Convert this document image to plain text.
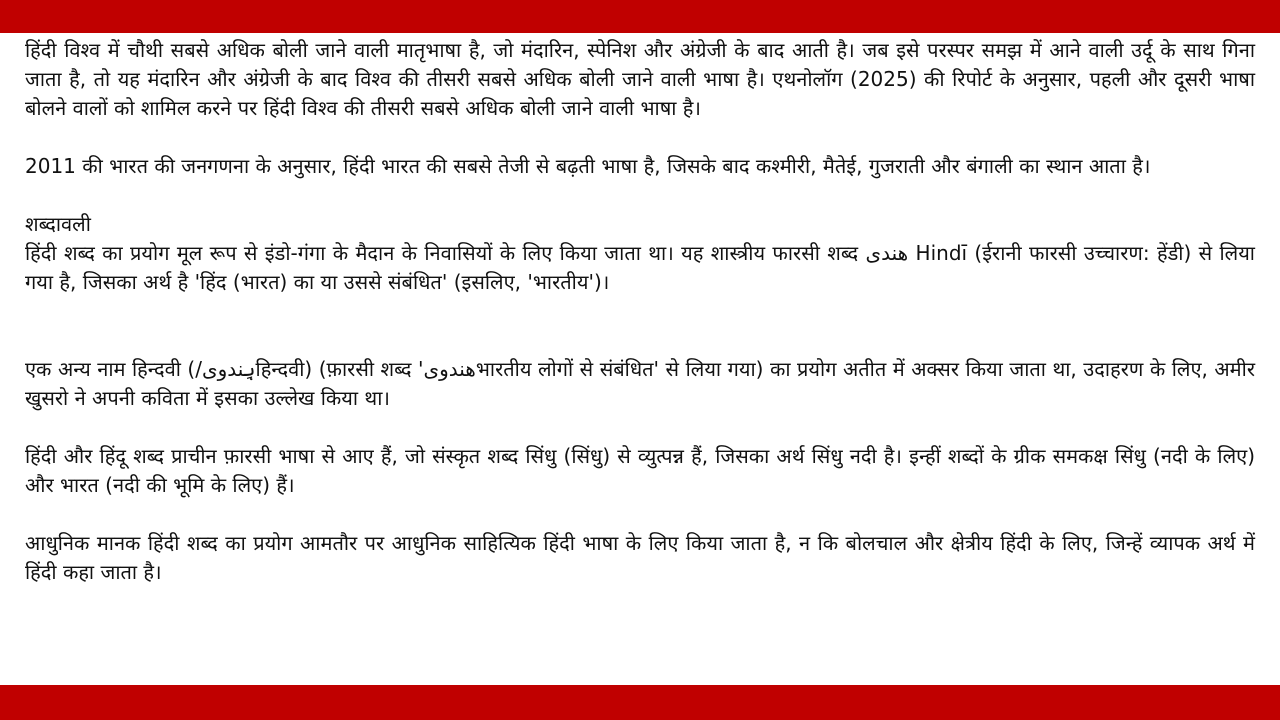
हिंदी विश्व में चौथी सबसे अधिक बोली जाने वाली मातृभाषा है, जो मंदारिन, स्पेनिश और अंग्रेजी के बाद आती है। जब इसे परस्पर समझ में आने वाली उर्दू के साथ गिना जाता है, तो यह मंदारिन और अंग्रेजी के बाद विश्व की तीसरी सबसे अधिक बोली जाने वाली भाषा है। एथनोलॉग (2025) की रिपोर्ट के अनुसार, पहली और दूसरी भाषा बोलने वालों को शामिल करने पर हिंदी विश्व की तीसरी सबसे अधिक बोली जाने वाली भाषा है।

2011 की भारत की जनगणना के अनुसार, हिंदी भारत की सबसे तेजी से बढ़ती भाषा है, जिसके बाद कश्मीरी, मैतेई, गुजराती और बंगाली का स्थान आता है।

शब्दावली

हिंदी शब्द का प्रयोग मूल रूप से इंडो-गंगा के मैदान के निवासियों के लिए किया जाता था। यह शास्त्रीय फारसी शब्द هندی Hindī (ईरानी फारसी उच्चारण: हेंडी) से लिया गया है, जिसका अर्थ है 'हिंद (भारत) का या उससे संबंधित' (इसलिए, 'भारतीय')।

एक अन्य नाम हिन्दवी (/ہِندویहिन्दवी) (फ़ारसी शब्द 'هندویभारतीय लोगों से संबंधित' से लिया गया) का प्रयोग अतीत में अक्सर किया जाता था, उदाहरण के लिए, अमीर खुसरो ने अपनी कविता में इसका उल्लेख किया था।

हिंदी और हिंदू शब्द प्राचीन फ़ारसी भाषा से आए हैं, जो संस्कृत शब्द सिंधु (सिंधु) से व्युत्पन्न हैं, जिसका अर्थ सिंधु नदी है। इन्हीं शब्दों के ग्रीक समकक्ष सिंधु (नदी के लिए) और भारत (नदी की भूमि के लिए) हैं।

आधुनिक मानक हिंदी शब्द का प्रयोग आमतौर पर आधुनिक साहित्यिक हिंदी भाषा के लिए किया जाता है, न कि बोलचाल और क्षेत्रीय हिंदी के लिए, जिन्हें व्यापक अर्थ में हिंदी कहा जाता है।
